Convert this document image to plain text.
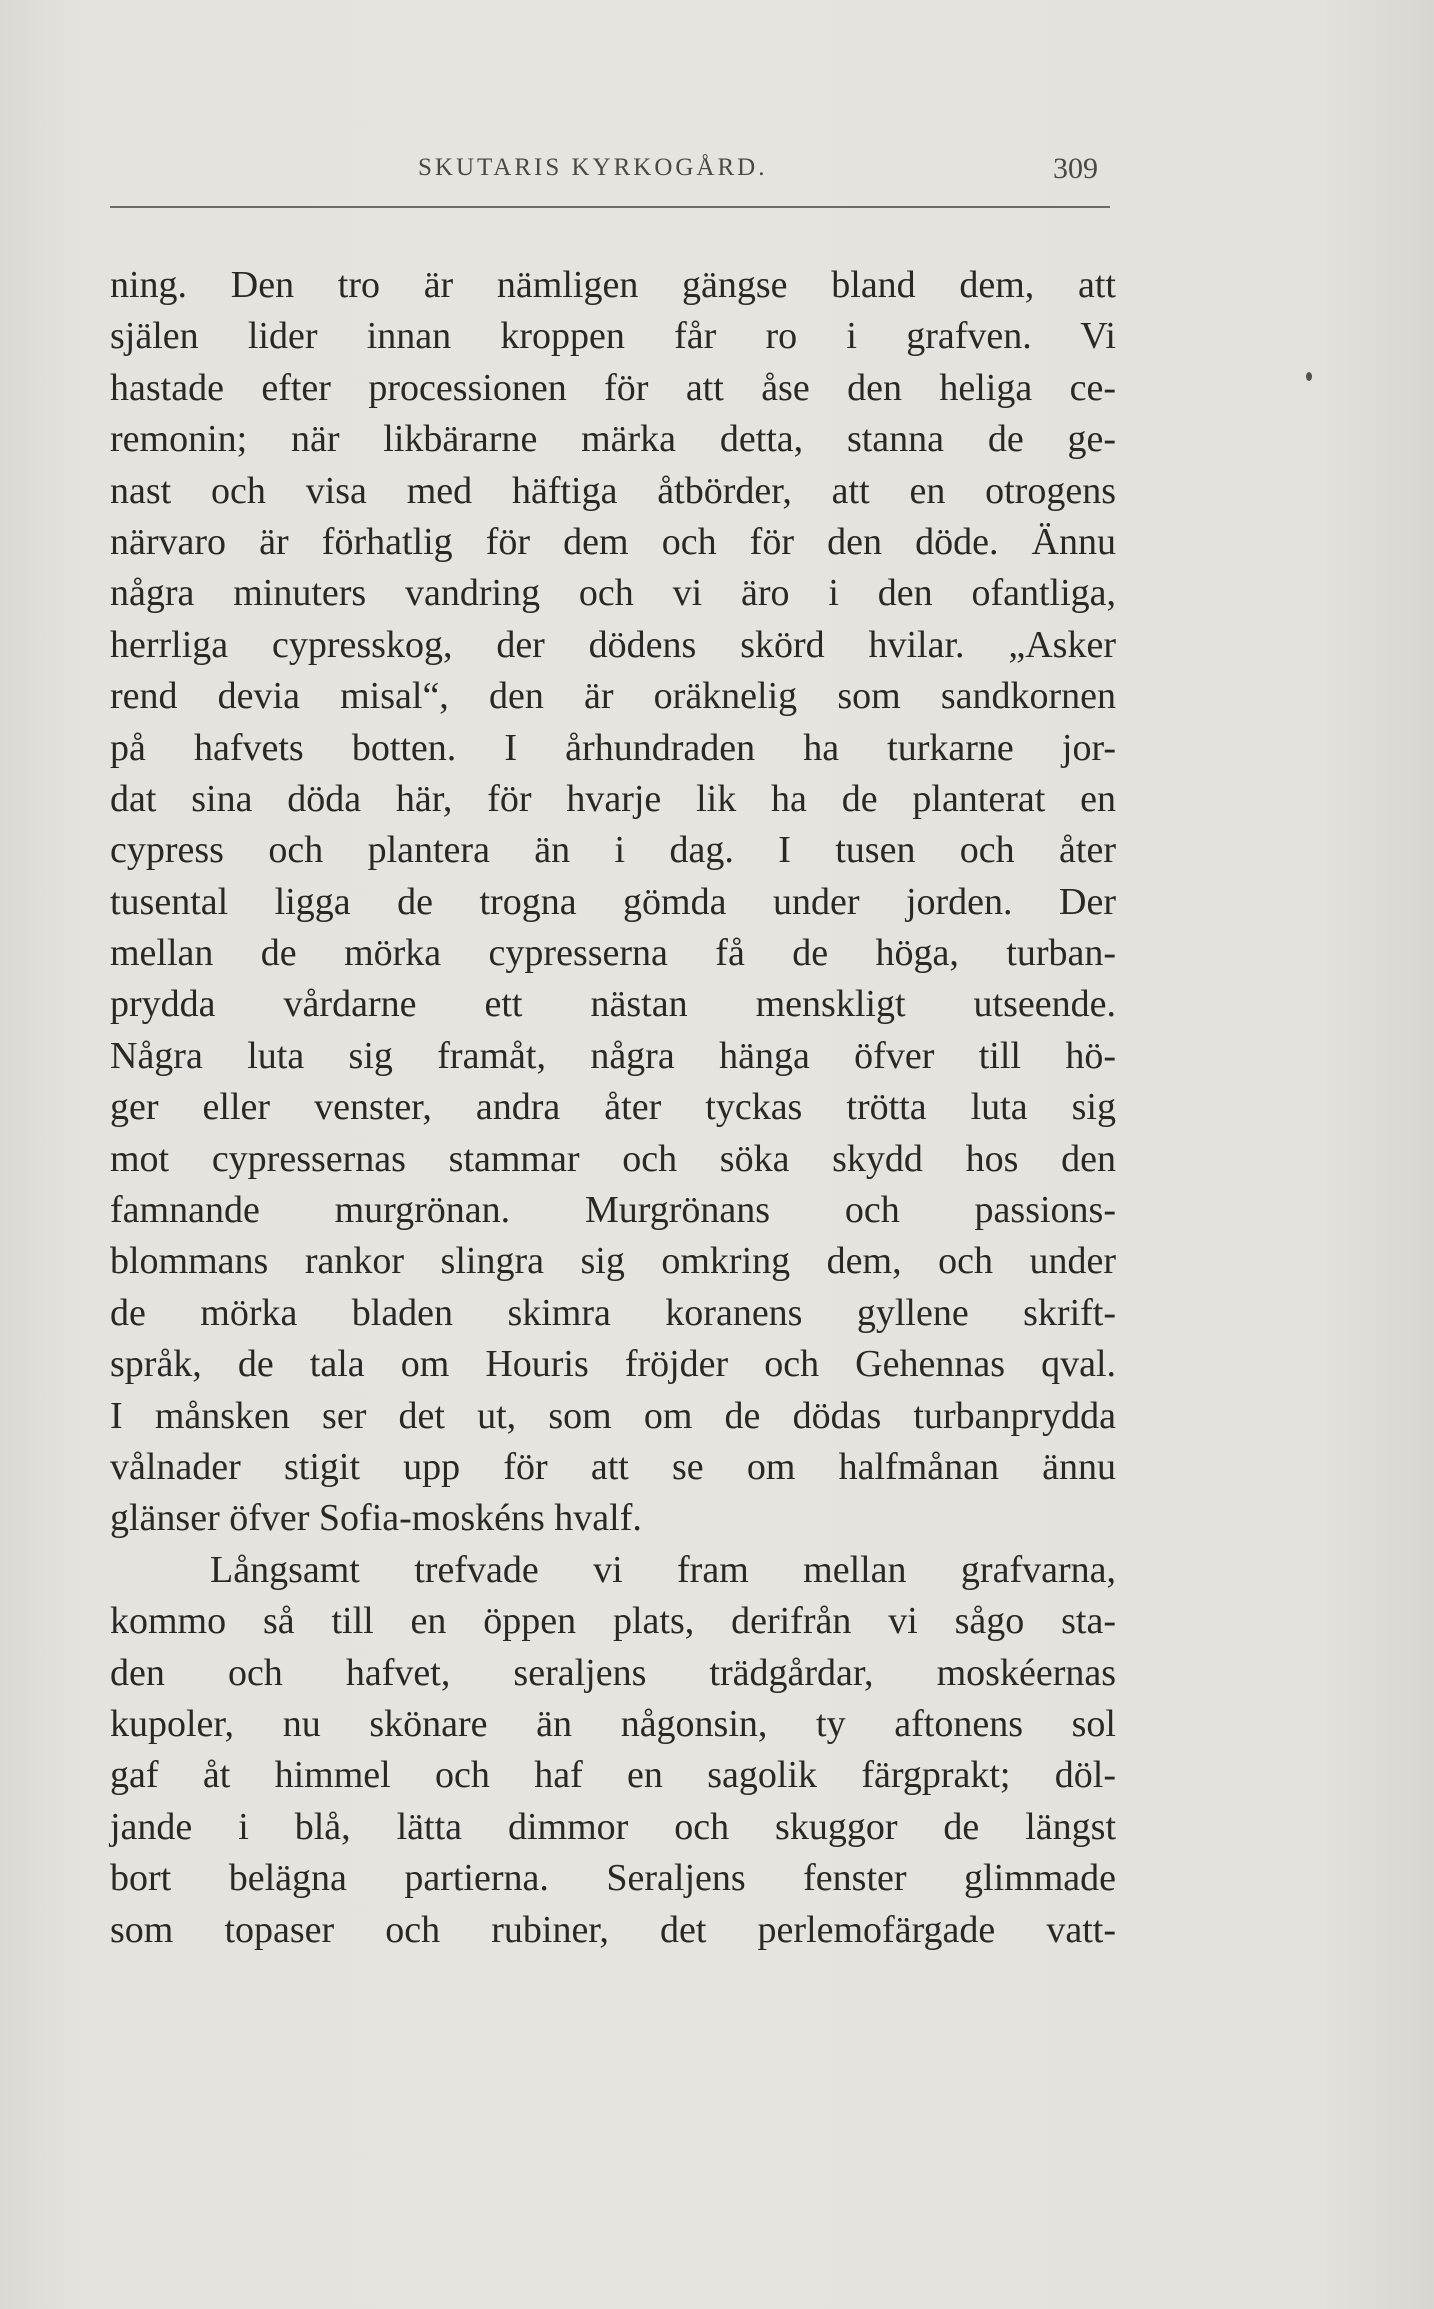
SKUTARIS KYRKOGÅRD.	309
ning. Den tro är nämligen gängse bland dem, att
själen lider innan kroppen får ro i grafven. Vi
hastade efter processionen för att åse den heliga ce-
remonin; när likbärarne märka detta, stanna de ge-
nast och visa med häftiga åtbörder, att en otrogens
närvaro är förhatlig för dem och för den döde. Ännu
några minuters vandring och vi äro i den ofantliga,
herrliga cypresskog, der dödens skörd hvilar. „Asker
rend devia misal“, den är oräknelig som sandkornen
på hafvets botten. I århundraden ha turkarne jor-
dat sina döda här, för hvarje lik ha de planterat en
cypress och plantera än i dag. I tusen och åter
tusental ligga de trogna gömda under jorden. Der
mellan de mörka cypresserna få de höga, turban-
prydda vårdarne ett nästan menskligt utseende.
Några luta sig framåt, några hänga öfver till hö-
ger eller venster, andra åter tyckas trötta luta sig
mot cypressernas stammar och söka skydd hos den
famnande murgrönan. Murgrönans och passions-
blommans rankor slingra sig omkring dem, och under
de mörka bladen skimra koranens gyllene skrift-
språk, de tala om Houris fröjder och Gehennas qval.
I månsken ser det ut, som om de dödas turbanprydda
vålnader stigit upp för att se om halfmånan ännu
glänser öfver Sofia-moskéns hvalf.
Långsamt trefvade vi fram mellan grafvarna,
kommo så till en öppen plats, derifrån vi sågo sta-
den och hafvet, seraljens trädgårdar, moskéernas
kupoler, nu skönare än någonsin, ty aftonens sol
gaf åt himmel och haf en sagolik färgprakt; döl-
jande i blå, lätta dimmor och skuggor de längst
bort belägna partierna. Seraljens fenster glimmade
som topaser och rubiner, det perlemofärgade vatt-
